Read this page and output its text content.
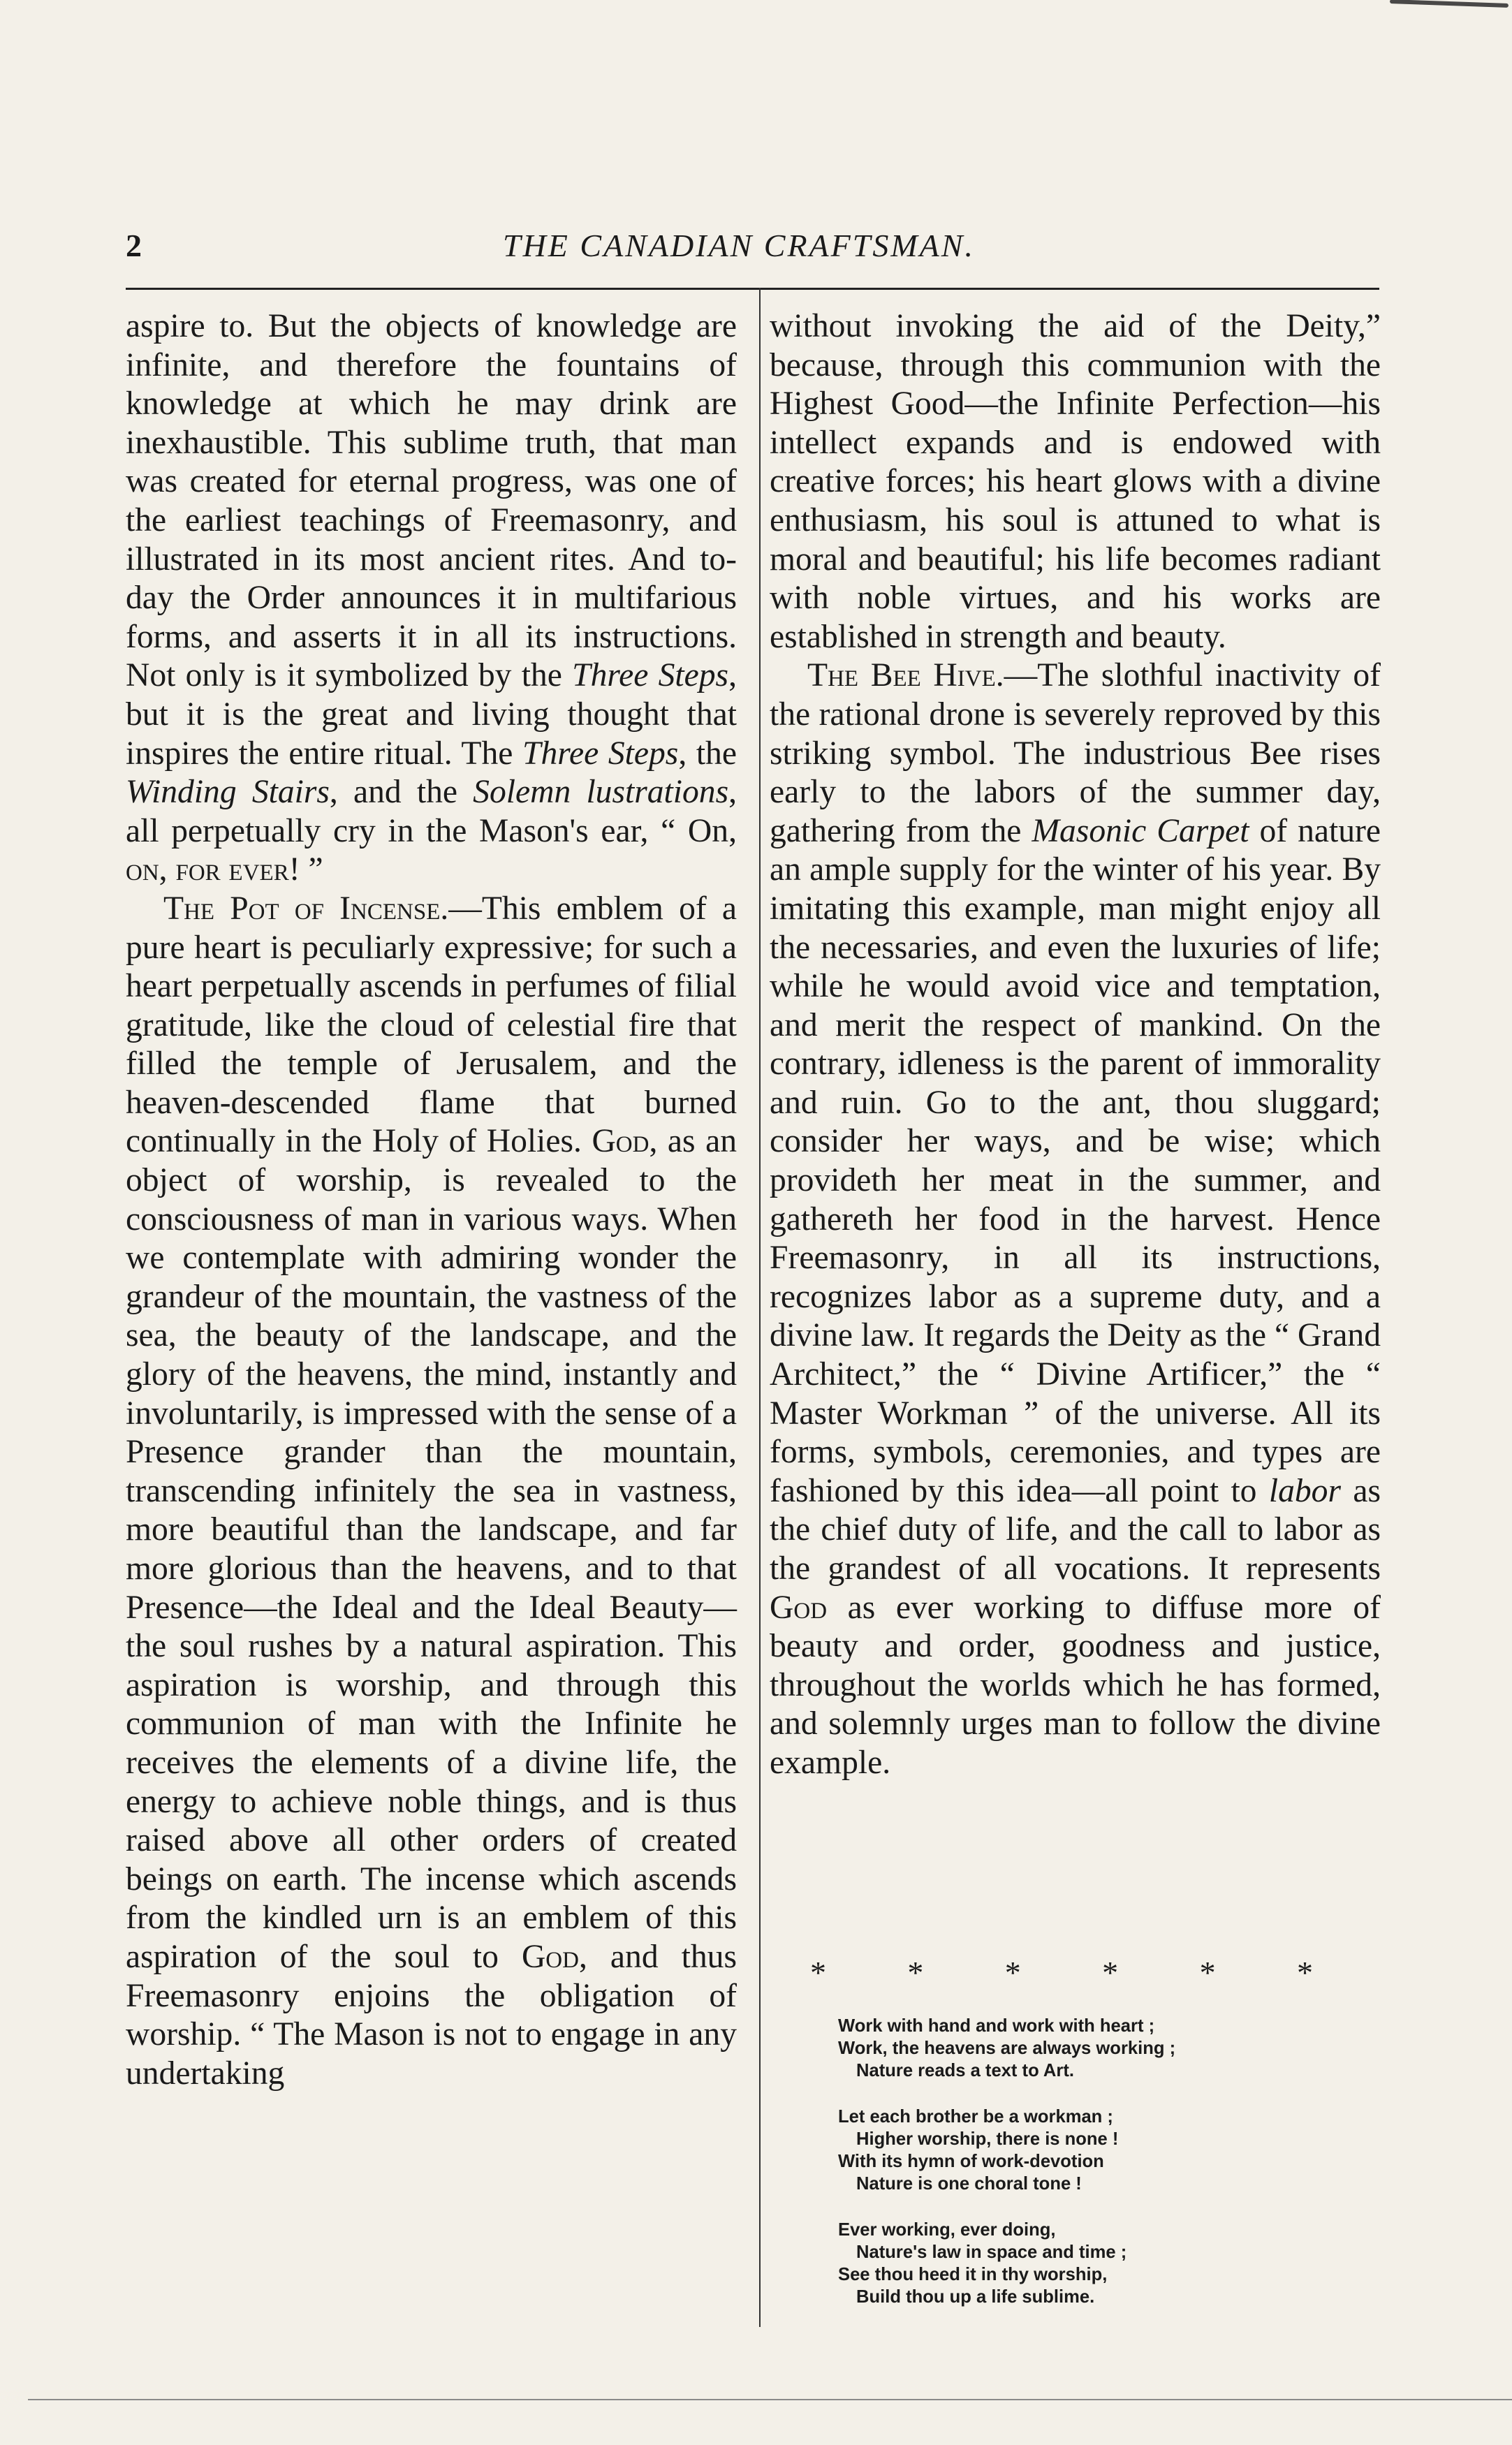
2	THE CANADIAN CRAFTSMAN.

aspire to. But the objects of knowledge are infinite, and therefore the fountains of knowledge at which he may drink are inexhaustible. This sublime truth, that man was created for eternal progress, was one of the earliest teachings of Freemasonry, and illustrated in its most ancient rites. And to-day the Order announces it in multifarious forms, and asserts it in all its instructions. Not only is it symbolized by the Three Steps, but it is the great and living thought that inspires the entire ritual. The Three Steps, the Winding Stairs, and the Solemn lustrations, all perpetually cry in the Mason's ear, “ On, on, for ever! ”

The Pot of Incense.—This emblem of a pure heart is peculiarly expressive; for such a heart perpetually ascends in perfumes of filial gratitude, like the cloud of celestial fire that filled the temple of Jerusalem, and the heaven-descended flame that burned continually in the Holy of Holies. God, as an object of worship, is revealed to the consciousness of man in various ways. When we contemplate with admiring wonder the grandeur of the mountain, the vastness of the sea, the beauty of the landscape, and the glory of the heavens, the mind, instantly and involuntarily, is impressed with the sense of a Presence grander than the mountain, transcending infinitely the sea in vastness, more beautiful than the landscape, and far more glorious than the heavens, and to that Presence—the Ideal and the Ideal Beauty—the soul rushes by a natural aspiration. This aspiration is worship, and through this communion of man with the Infinite he receives the elements of a divine life, the energy to achieve noble things, and is thus raised above all other orders of created beings on earth. The incense which ascends from the kindled urn is an emblem of this aspiration of the soul to God, and thus Freemasonry enjoins the obligation of worship. “ The Mason is not to engage in any undertaking

without invoking the aid of the Deity,” because, through this communion with the Highest Good—the Infinite Perfection—his intellect expands and is endowed with creative forces; his heart glows with a divine enthusiasm, his soul is attuned to what is moral and beautiful; his life becomes radiant with noble virtues, and his works are established in strength and beauty.

The Bee Hive.—The slothful inactivity of the rational drone is severely reproved by this striking symbol. The industrious Bee rises early to the labors of the summer day, gathering from the Masonic Carpet of nature an ample supply for the winter of his year. By imitating this example, man might enjoy all the necessaries, and even the luxuries of life; while he would avoid vice and temptation, and merit the respect of mankind. On the contrary, idleness is the parent of immorality and ruin. Go to the ant, thou sluggard; consider her ways, and be wise; which provideth her meat in the summer, and gathereth her food in the harvest. Hence Freemasonry, in all its instructions, recognizes labor as a supreme duty, and a divine law. It regards the Deity as the “ Grand Architect,” the “ Divine Artificer,” the “ Master Workman ” of the universe. All its forms, symbols, ceremonies, and types are fashioned by this idea—all point to labor as the chief duty of life, and the call to labor as the grandest of all vocations. It represents God as ever working to diffuse more of beauty and order, goodness and justice, throughout the worlds which he has formed, and solemnly urges man to follow the divine example.

*	*	*	*	*	*
Work with hand and work with heart ;
Work, the heavens are always working ;
Nature reads a text to Art.
Let each brother be a workman ;
Higher worship, there is none !
With its hymn of work-devotion
Nature is one choral tone !
Ever working, ever doing,
Nature's law in space and time ;
See thou heed it in thy worship,
Build thou up a life sublime.
